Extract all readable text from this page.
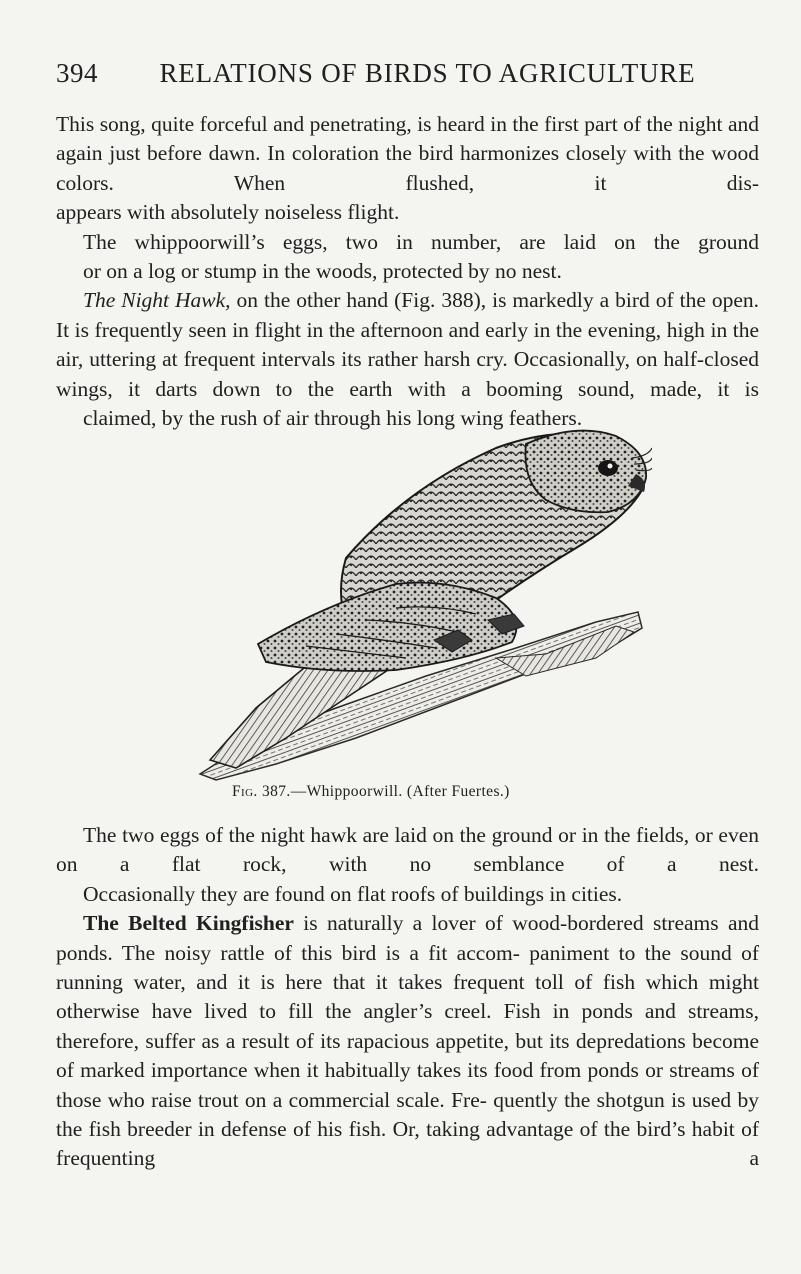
394	RELATIONS OF BIRDS TO AGRICULTURE

This song, quite forceful and penetrating, is heard in the first part of the night and again just before dawn. In coloration the bird harmonizes closely with the wood colors. When flushed, it dis-
appears with absolutely noiseless flight.

The whippoorwill’s eggs, two in number, are laid on the ground
or on a log or stump in the woods, protected by no nest.

The Night Hawk, on the other hand (Fig. 388), is markedly a bird of the open. It is frequently seen in flight in the afternoon and early in the evening, high in the air, uttering at frequent intervals its rather harsh cry. Occasionally, on half-closed wings, it darts down to the earth with a booming sound, made, it is
claimed, by the rush of air through his long wing feathers.

Fig. 387.—Whippoorwill. (After Fuertes.)

The two eggs of the night hawk are laid on the ground or in the fields, or even on a flat rock, with no semblance of a nest.
Occasionally they are found on flat roofs of buildings in cities.

The Belted Kingfisher is naturally a lover of wood-bordered streams and ponds. The noisy rattle of this bird is a fit accom- paniment to the sound of running water, and it is here that it takes frequent toll of fish which might otherwise have lived to fill the angler’s creel. Fish in ponds and streams, therefore, suffer as a result of its rapacious appetite, but its depredations become of marked importance when it habitually takes its food from ponds or streams of those who raise trout on a commercial scale. Fre- quently the shotgun is used by the fish breeder in defense of his fish. Or, taking advantage of the bird’s habit of frequenting a
